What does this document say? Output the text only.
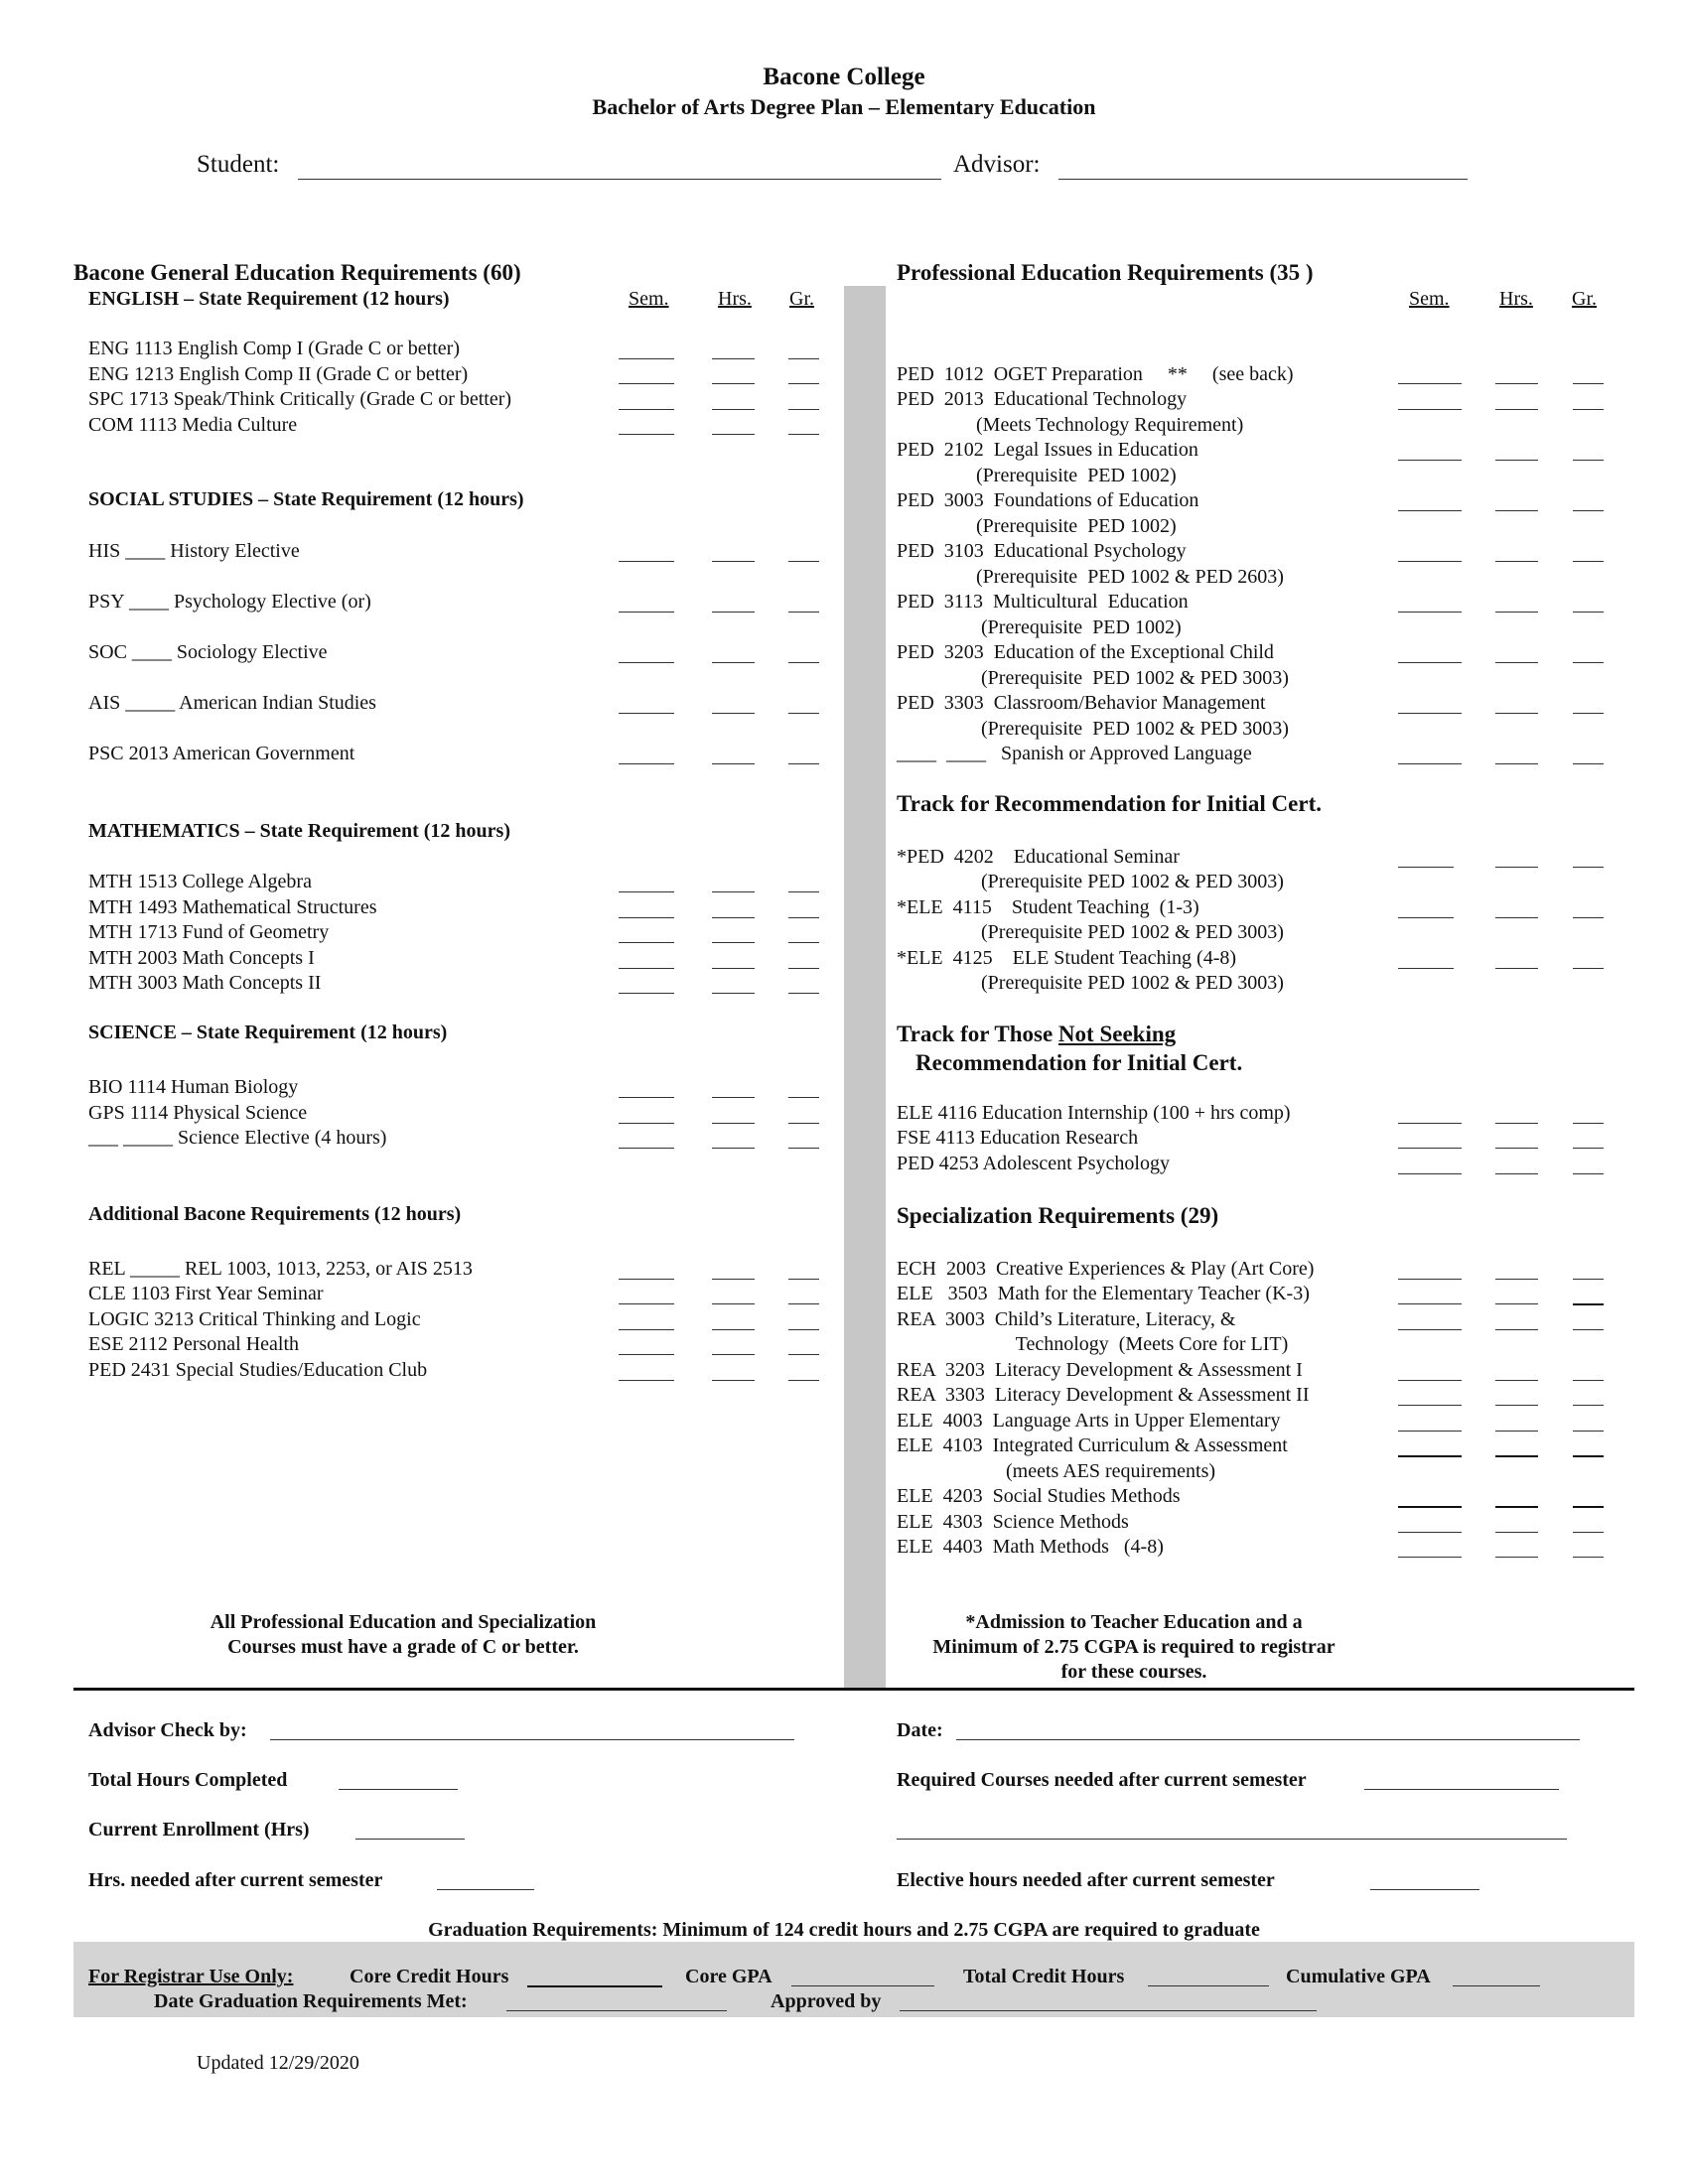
Bacone College
Bachelor of Arts Degree Plan – Elementary Education
Student:	Advisor:
Bacone General Education Requirements (60)
ENGLISH – State Requirement (12 hours)	Sem. Hrs. Gr.
ENG 1113 English Comp I (Grade C or better)
ENG 1213 English Comp II (Grade C or better)
SPC 1713 Speak/Think Critically (Grade C or better)
COM 1113 Media Culture
SOCIAL STUDIES – State Requirement (12 hours)
HIS ____ History Elective
PSY ____ Psychology Elective (or)
SOC ____ Sociology Elective
AIS _____ American Indian Studies
PSC 2013 American Government
MATHEMATICS – State Requirement (12 hours)
MTH 1513 College Algebra
MTH 1493 Mathematical Structures
MTH 1713 Fund of Geometry
MTH 2003 Math Concepts I
MTH 3003 Math Concepts II
SCIENCE – State Requirement (12 hours)
BIO 1114 Human Biology
GPS 1114 Physical Science
___ _____ Science Elective (4 hours)
Additional Bacone Requirements (12 hours)
REL _____ REL 1003, 1013, 2253, or AIS 2513
CLE 1103 First Year Seminar
LOGIC 3213 Critical Thinking and Logic
ESE 2112 Personal Health
PED 2431 Special Studies/Education Club
All Professional Education and Specialization
Courses must have a grade of C or better.
Professional Education Requirements (35 )
Sem.	Hrs. Gr.
PED  1012  OGET Preparation     **     (see back)
PED  2013  Educational Technology
(Meets Technology Requirement)
PED  2102  Legal Issues in Education
(Prerequisite  PED 1002)
PED  3003  Foundations of Education
(Prerequisite  PED 1002)
PED  3103  Educational Psychology
(Prerequisite  PED 1002 & PED 2603)
PED  3113  Multicultural  Education
(Prerequisite  PED 1002)
PED  3203  Education of the Exceptional Child
(Prerequisite  PED 1002 & PED 3003)
PED  3303  Classroom/Behavior Management
(Prerequisite  PED 1002 & PED 3003)
____  ____   Spanish or Approved Language
Track for Recommendation for Initial Cert.
*PED  4202    Educational Seminar
(Prerequisite PED 1002 & PED 3003)
*ELE  4115    Student Teaching  (1-3)
(Prerequisite PED 1002 & PED 3003)
*ELE  4125    ELE Student Teaching (4-8)
(Prerequisite PED 1002 & PED 3003)
Track for Those Not Seeking
Recommendation for Initial Cert.
ELE 4116 Education Internship (100 + hrs comp)
FSE 4113 Education Research
PED 4253 Adolescent Psychology
Specialization Requirements (29)
ECH  2003  Creative Experiences & Play (Art Core)
ELE   3503  Math for the Elementary Teacher (K-3)
REA  3003  Child’s Literature, Literacy, &
Technology  (Meets Core for LIT)
REA  3203  Literacy Development & Assessment I
REA  3303  Literacy Development & Assessment II
ELE  4003  Language Arts in Upper Elementary
ELE  4103  Integrated Curriculum & Assessment
(meets AES requirements)
ELE  4203  Social Studies Methods
ELE  4303  Science Methods
ELE  4403  Math Methods   (4-8)
*Admission to Teacher Education and a
Minimum of 2.75 CGPA is required to registrar
for these courses.
Advisor Check by:	Date:
Total Hours Completed	Required Courses needed after current semester
Current Enrollment (Hrs)
Hrs. needed after current semester	Elective hours needed after current semester
Graduation Requirements: Minimum of 124 credit hours and 2.75 CGPA are required to graduate
For Registrar Use Only:	Core Credit Hours	Core GPA	Total Credit Hours	Cumulative GPA
Date Graduation Requirements Met:	Approved by
Updated 12/29/2020
